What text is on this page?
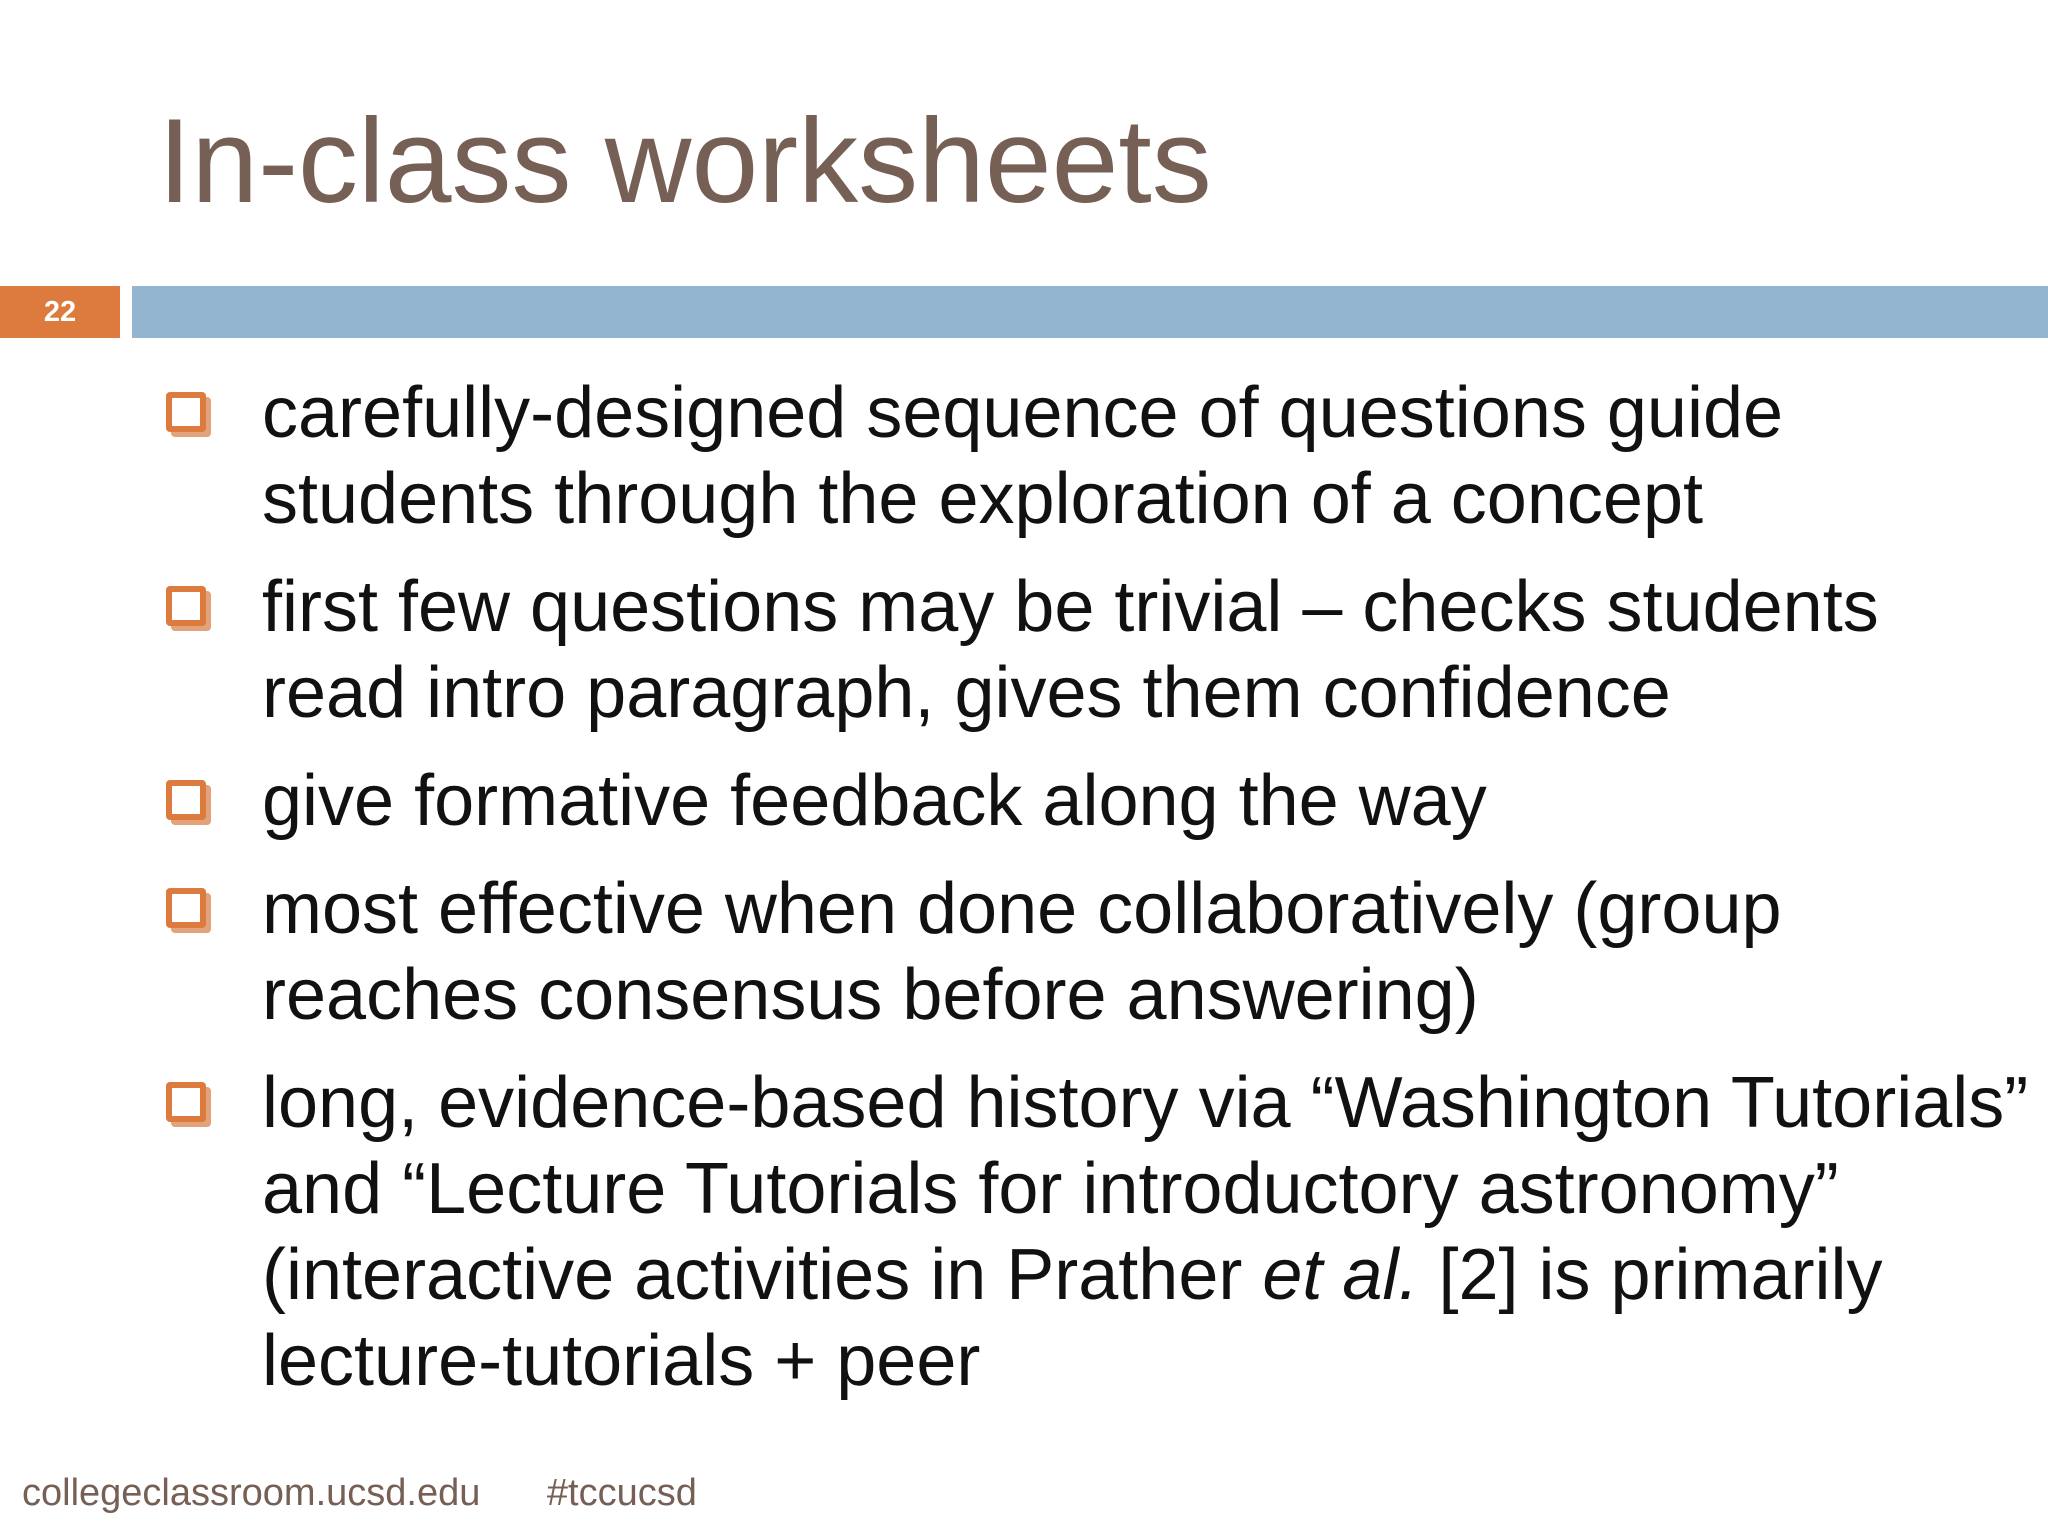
In-class worksheets
22
carefully-designed sequence of questions guide students through the exploration of a concept
first few questions may be trivial – checks students read intro paragraph, gives them confidence
give formative feedback along the way
most effective when done collaboratively (group reaches consensus before answering)
long, evidence-based history via “Washington Tutorials” and “Lecture Tutorials for introductory astronomy” (interactive activities in Prather et al. [2] is primarily lecture-tutorials + peer
collegeclassroom.ucsd.edu #tccucsd
